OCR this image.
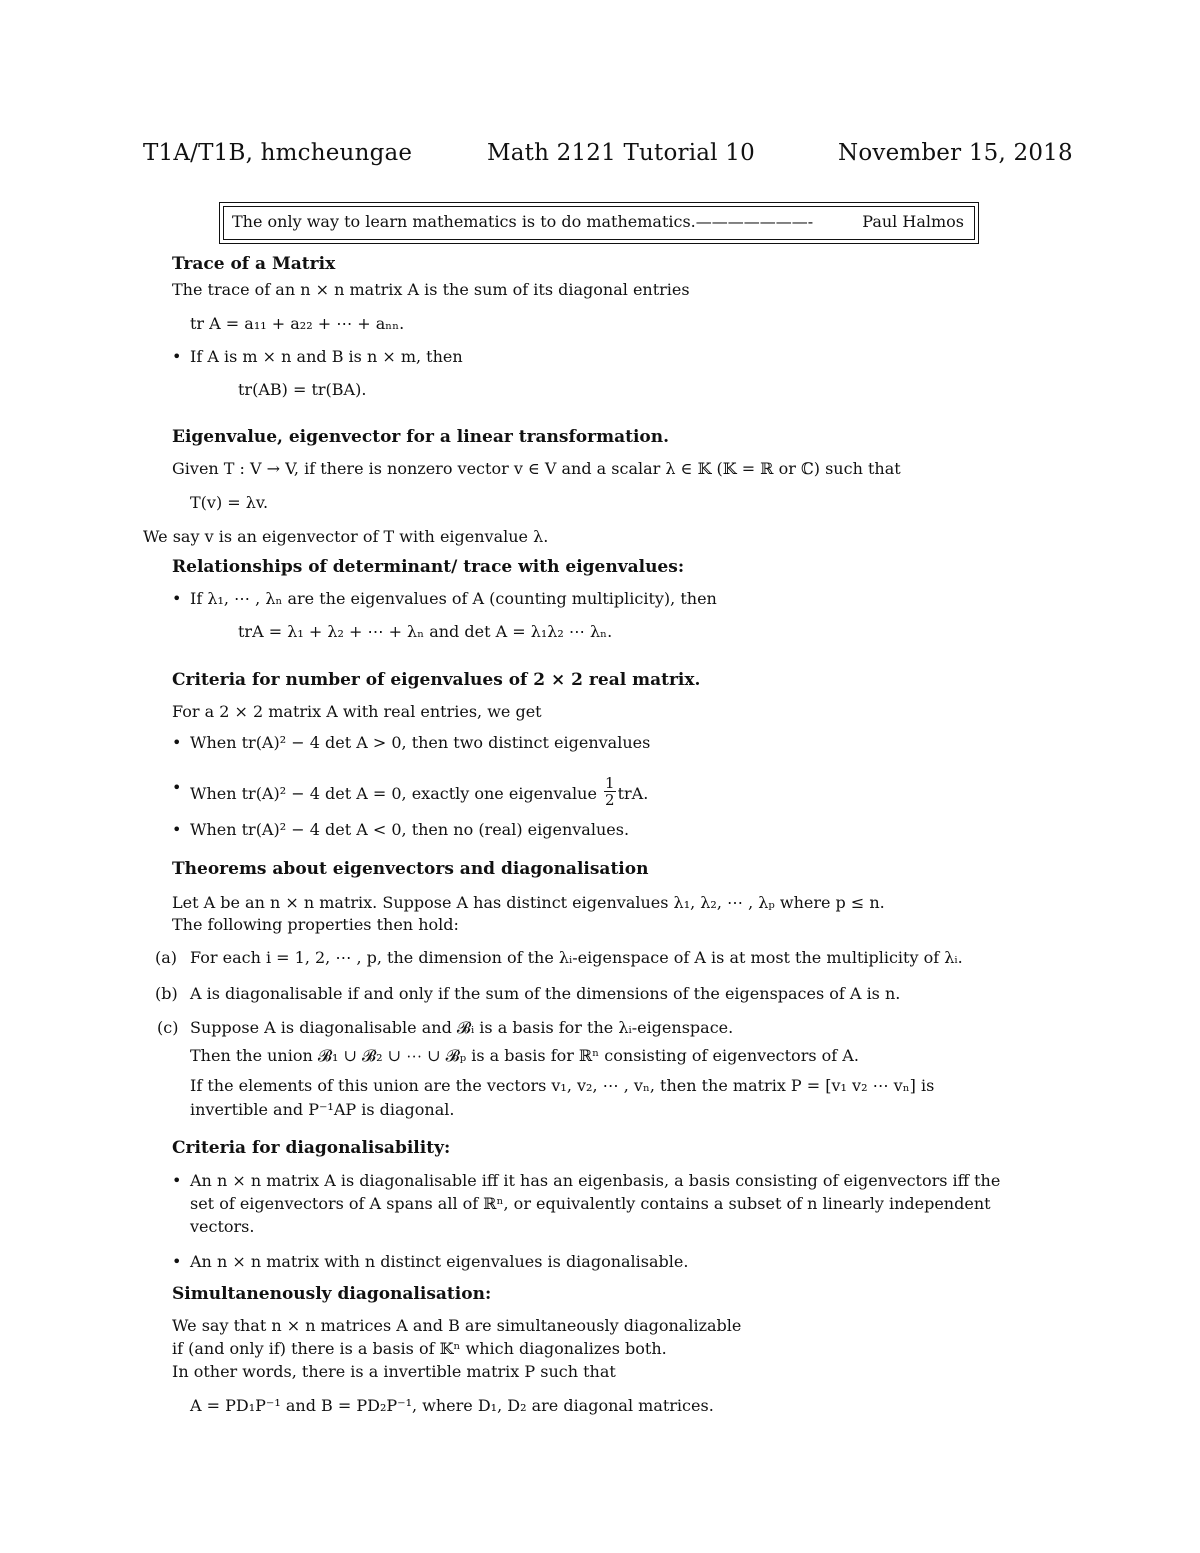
T1A/T1B, hmcheungae	Math 2121 Tutorial 10	November 15, 2018
The only way to learn mathematics is to do mathematics.———————-	Paul Halmos
Trace of a Matrix
The trace of an n × n matrix A is the sum of its diagonal entries
tr A = a₁₁ + a₂₂ + ⋯ + aₙₙ.
• If A is m × n and B is n × m, then
tr(AB) = tr(BA).
Eigenvalue, eigenvector for a linear transformation.
Given T : V → V, if there is nonzero vector v ∈ V and a scalar λ ∈ 𝕂 (𝕂 = ℝ or ℂ) such that
T(v) = λv.
We say v is an eigenvector of T with eigenvalue λ.
Relationships of determinant/ trace with eigenvalues:
• If λ₁, ⋯ , λₙ are the eigenvalues of A (counting multiplicity), then
trA = λ₁ + λ₂ + ⋯ + λₙ and det A = λ₁λ₂ ⋯ λₙ.
Criteria for number of eigenvalues of 2 × 2 real matrix.
For a 2 × 2 matrix A with real entries, we get
• When tr(A)² − 4 det A > 0, then two distinct eigenvalues
• When tr(A)² − 4 det A = 0, exactly one eigenvalue $\frac{1}{2}$ trA.
• When tr(A)² − 4 det A < 0, then no (real) eigenvalues.
Theorems about eigenvectors and diagonalisation
Let A be an n × n matrix. Suppose A has distinct eigenvalues λ₁, λ₂, ⋯ , λₚ where p ≤ n.
The following properties then hold:
(a) For each i = 1, 2, ⋯ , p, the dimension of the λᵢ-eigenspace of A is at most the multiplicity of λᵢ.
(b) A is diagonalisable if and only if the sum of the dimensions of the eigenspaces of A is n.
(c) Suppose A is diagonalisable and 𝓑ᵢ is a basis for the λᵢ-eigenspace.
Then the union 𝓑₁ ∪ 𝓑₂ ∪ ⋯ ∪ 𝓑ₚ is a basis for ℝⁿ consisting of eigenvectors of A.
If the elements of this union are the vectors v₁, v₂, ⋯ , vₙ, then the matrix P = [v₁ v₂ ⋯ vₙ] is
invertible and P⁻¹AP is diagonal.
Criteria for diagonalisability:
• An n × n matrix A is diagonalisable iff it has an eigenbasis, a basis consisting of eigenvectors iff the
set of eigenvectors of A spans all of ℝⁿ, or equivalently contains a subset of n linearly independent
vectors.
• An n × n matrix with n distinct eigenvalues is diagonalisable.
Simultanenously diagonalisation:
We say that n × n matrices A and B are simultaneously diagonalizable
if (and only if) there is a basis of 𝕂ⁿ which diagonalizes both.
In other words, there is a invertible matrix P such that
A = PD₁P⁻¹ and B = PD₂P⁻¹, where D₁, D₂ are diagonal matrices.
